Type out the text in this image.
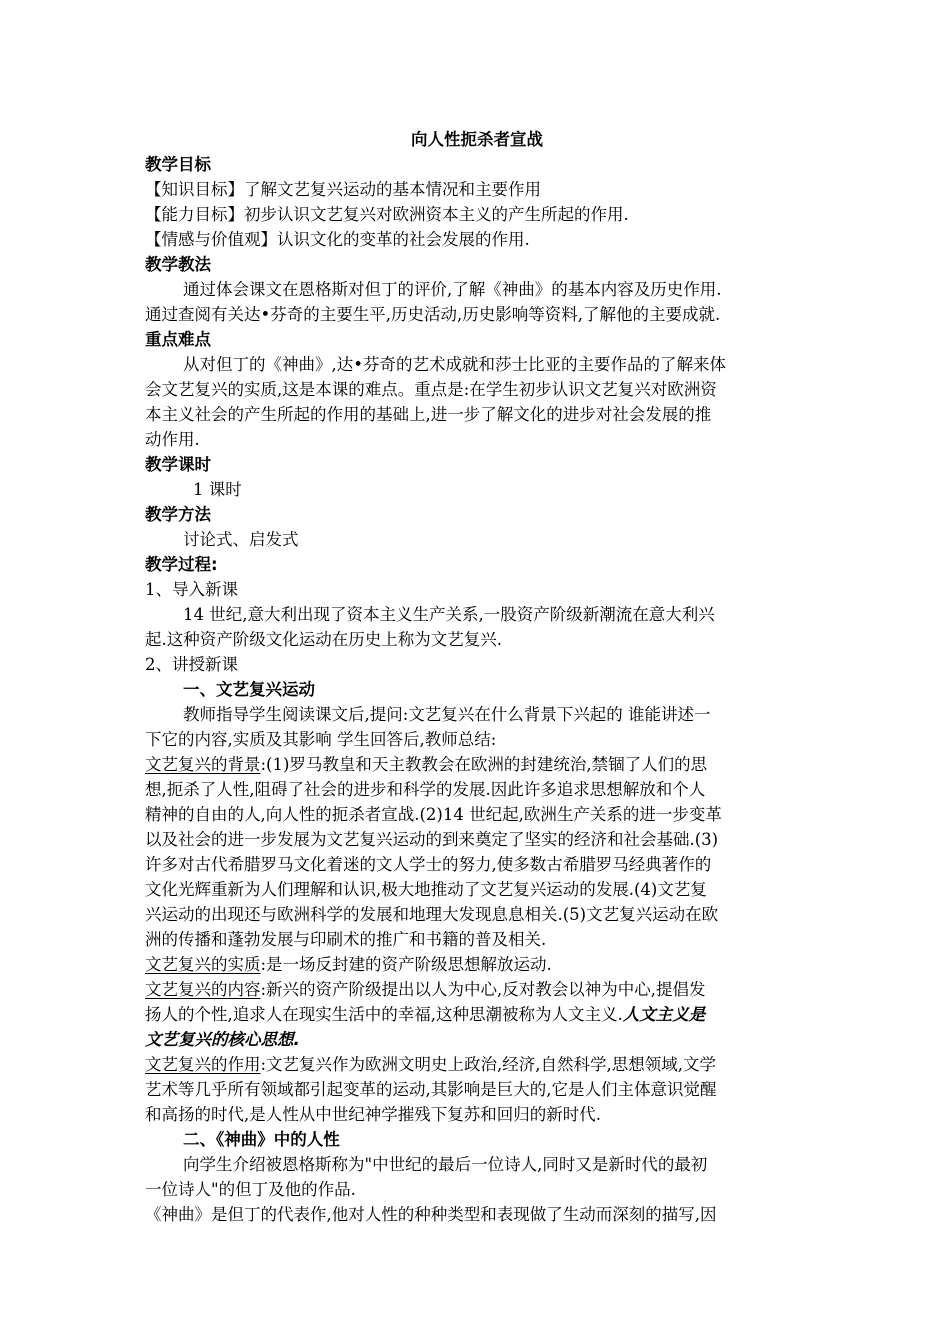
向人性扼杀者宣战
教学目标
【知识目标】了解文艺复兴运动的基本情况和主要作用
【能力目标】初步认识文艺复兴对欧洲资本主义的产生所起的作用.
【情感与价值观】认识文化的变革的社会发展的作用.
教学教法
通过体会课文在恩格斯对但丁的评价,了解《神曲》的基本内容及历史作用.
通过查阅有关达•芬奇的主要生平,历史活动,历史影响等资料,了解他的主要成就.
重点难点
从对但丁的《神曲》,达•芬奇的艺术成就和莎士比亚的主要作品的了解来体
会文艺复兴的实质,这是本课的难点。重点是:在学生初步认识文艺复兴对欧洲资
本主义社会的产生所起的作用的基础上,进一步了解文化的进步对社会发展的推
动作用.
教学课时
1 课时
教学方法
讨论式、启发式
教学过程:
1、导入新课
14 世纪,意大利出现了资本主义生产关系,一股资产阶级新潮流在意大利兴
起.这种资产阶级文化运动在历史上称为文艺复兴.
2、讲授新课
一、文艺复兴运动
教师指导学生阅读课文后,提问:文艺复兴在什么背景下兴起的 谁能讲述一
下它的内容,实质及其影响 学生回答后,教师总结:
文艺复兴的背景:(1)罗马教皇和天主教教会在欧洲的封建统治,禁锢了人们的思
想,扼杀了人性,阻碍了社会的进步和科学的发展.因此许多追求思想解放和个人
精神的自由的人,向人性的扼杀者宣战.(2)14 世纪起,欧洲生产关系的进一步变革
以及社会的进一步发展为文艺复兴运动的到来奠定了坚实的经济和社会基础.(3)
许多对古代希腊罗马文化着迷的文人学士的努力,使多数古希腊罗马经典著作的
文化光辉重新为人们理解和认识,极大地推动了文艺复兴运动的发展.(4)文艺复
兴运动的出现还与欧洲科学的发展和地理大发现息息相关.(5)文艺复兴运动在欧
洲的传播和蓬勃发展与印刷术的推广和书籍的普及相关.
文艺复兴的实质:是一场反封建的资产阶级思想解放运动.
文艺复兴的内容:新兴的资产阶级提出以人为中心,反对教会以神为中心,提倡发
扬人的个性,追求人在现实生活中的幸福,这种思潮被称为人文主义.人文主义是
文艺复兴的核心思想.
文艺复兴的作用:文艺复兴作为欧洲文明史上政治,经济,自然科学,思想领域,文学
艺术等几乎所有领域都引起变革的运动,其影响是巨大的,它是人们主体意识觉醒
和高扬的时代,是人性从中世纪神学摧残下复苏和回归的新时代.
二、《神曲》中的人性
向学生介绍被恩格斯称为"中世纪的最后一位诗人,同时又是新时代的最初
一位诗人"的但丁及他的作品.
《神曲》是但丁的代表作,他对人性的种种类型和表现做了生动而深刻的描写,因
